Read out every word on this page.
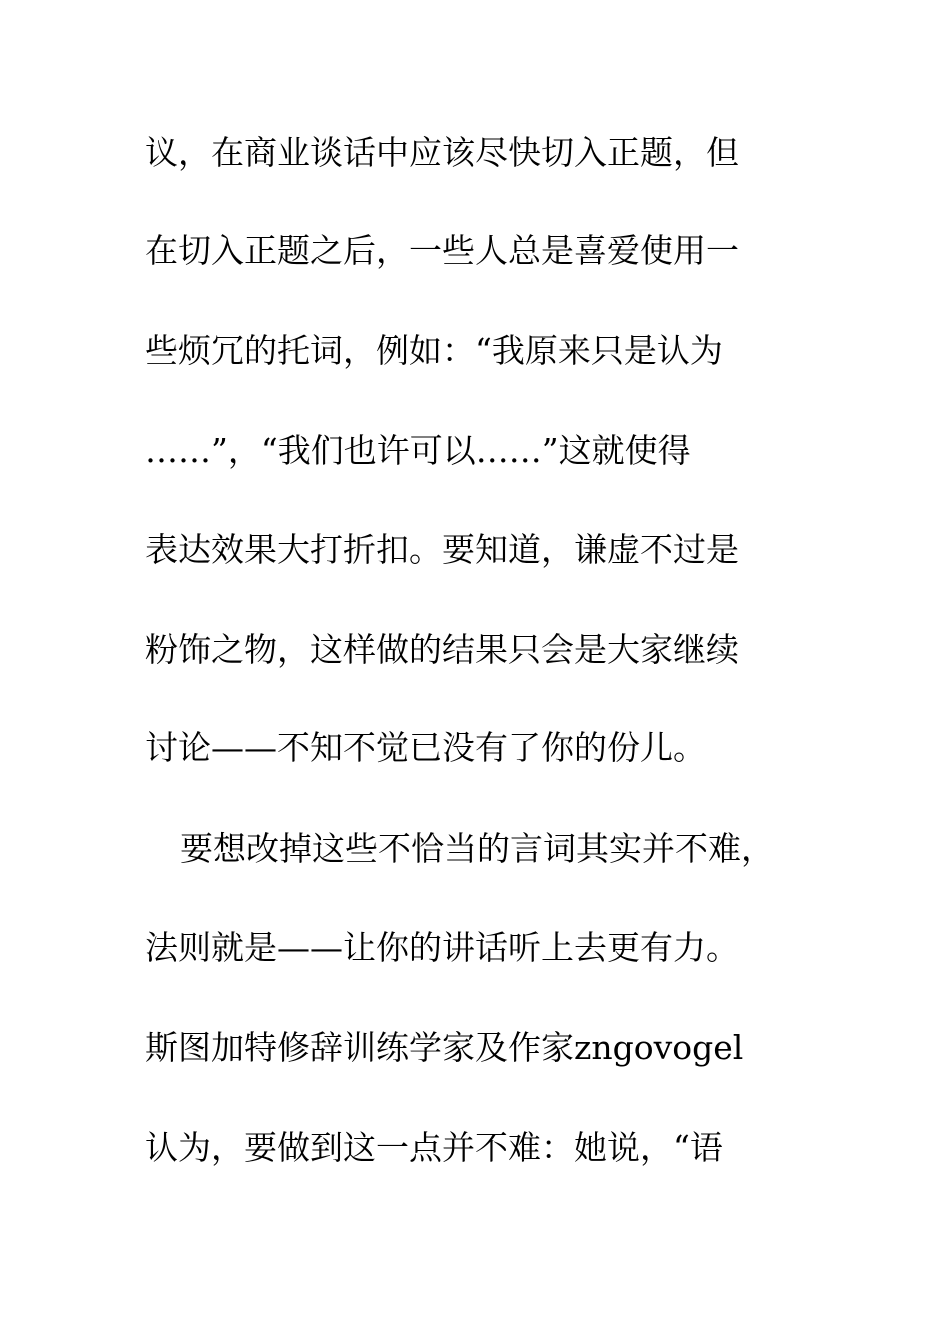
议，在商业谈话中应该尽快切入正题，但
在切入正题之后，一些人总是喜爱使用一
些烦冗的托词，例如：“我原来只是认为
……”，“我们也许可以……”这就使得
表达效果大打折扣。要知道，谦虚不过是
粉饰之物，这样做的结果只会是大家继续
讨论——不知不觉已没有了你的份儿。
要想改掉这些不恰当的言词其实并不难，
法则就是——让你的讲话听上去更有力。
斯图加特修辞训练学家及作家zngovogel
认为，要做到这一点并不难：她说，“语
